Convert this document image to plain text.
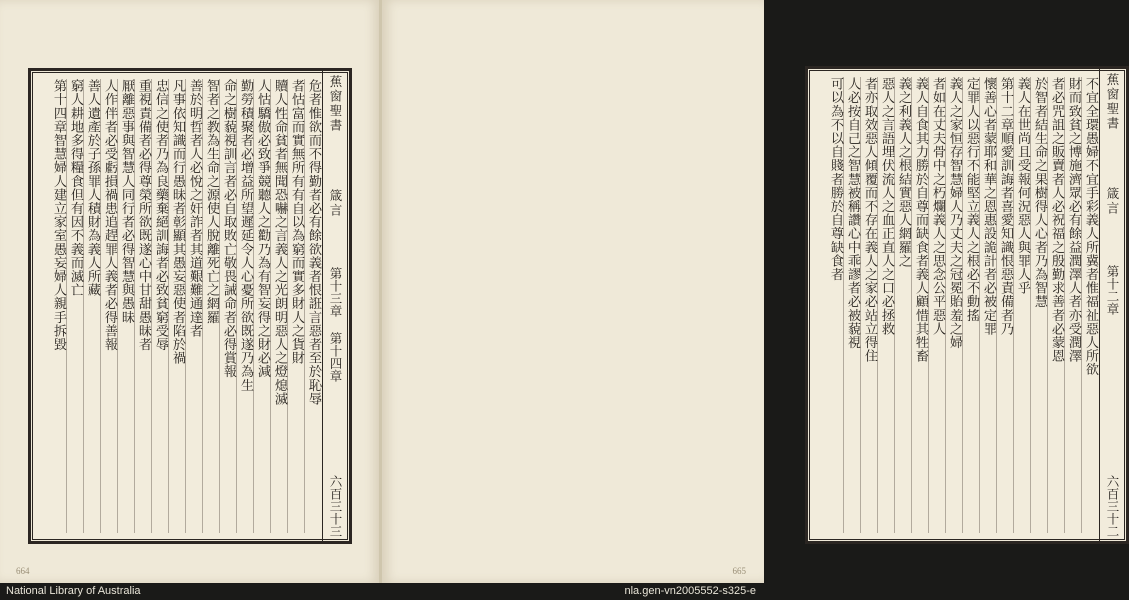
蕉窗聖書
箴言
第十三章 第十四章
六百三十三
危者惟欲而不得勤者必有餘欲義者恨誑言惡者至於恥辱
者怙富而實無所有有自以為窮而實多財人之貨財
贖人性命貧者無聞恐嚇之言義人之光朗明惡人之燈熄滅
人怙驕傲必致爭競聽人之勸乃為有智妄得之財必減
勤勞積聚者必增益所望遲延令人心憂所欲既遂乃為生
命之樹藐視訓言者必自取敗亡敬畏誡命者必得賞報
智者之教為生命之源使人脫離死亡之網羅
善於明哲者人必悅之奸詐者其道艱難通達者
凡事依知識而行愚昧者彰顯其愚妄惡使者陷於禍
忠信之使者乃為良藥棄絕訓誨者必致貧窮受辱
重視責備者必得尊榮所欲既遂心中甘甜愚昧者
厭離惡事與智慧人同行者必得智慧與愚昧
人作伴者必受虧損禍患追趕罪人義者必得善報
善人遺產於子孫罪人積財為義人所藏
窮人耕地多得糧食但有因不義而滅亡
第十四章智慧婦人建立家室愚妄婦人親手拆毀
664
蕉窗聖書
箴言
第十二章
六百三十二
不宜全環愚婦不宜手彩義人所冀者惟福祉惡人所欲
財而致貧之博施濟眾必有餘益潤澤人者亦受潤澤
者必咒詛之販賣者人必祝福之殷勤求善者必蒙恩
於智者結生命之果樹得人心者乃為智慧
義人在世尚且受報何況惡人與罪人乎
第十二章順愛訓誨者喜愛知識恨惡責備者乃
懷善心者蒙耶和華之恩惠設詭計者必被定罪
定罪人以惡行不能堅立義人之根必不動搖
義人之家恒存智慧婦人乃丈夫之冠冕貽羞之婦
者如在丈夫骨中之朽爛義人之思念公平惡人
義人自食其力勝於自尊而缺食者義人顧惜其牲畜
義之利義人之根結實惡人網羅之
惡人之言語埋伏流人之血正直人之口必拯救
者亦取效惡人傾覆而不存在義人之家必站立得住
人必按自己之智慧被稱讚心中乖謬者必被藐視
可以為不以自賤者勝於自尊缺食者
665
National Library of Australia	nla.gen-vn2005552-s325-e
